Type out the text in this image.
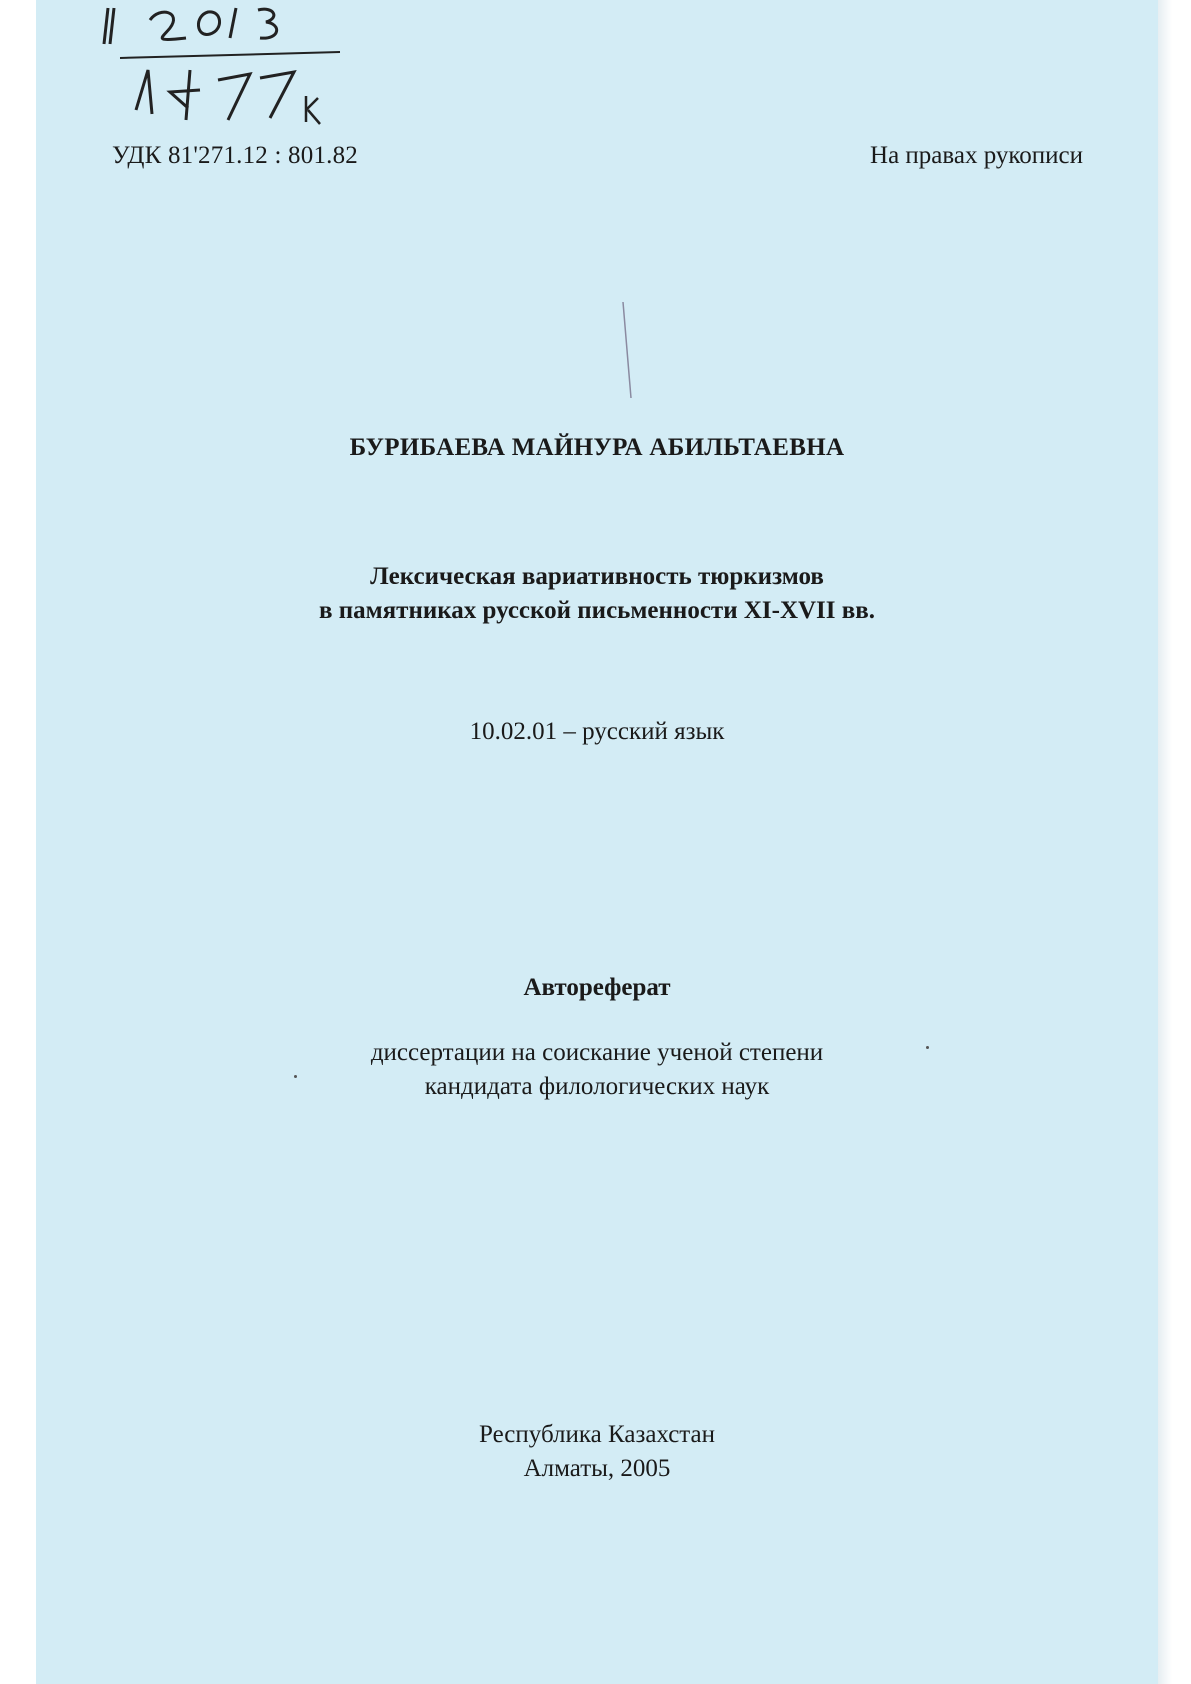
УДК 81'271.12 : 801.82	На правах рукописи
БУРИБАЕВА МАЙНУРА АБИЛЬТАЕВНА
Лексическая вариативность тюркизмов
в памятниках русской письменности XI-XVII вв.
10.02.01 – русский язык
Автореферат
диссертации на соискание ученой степени
кандидата филологических наук
Республика Казахстан
Алматы, 2005
